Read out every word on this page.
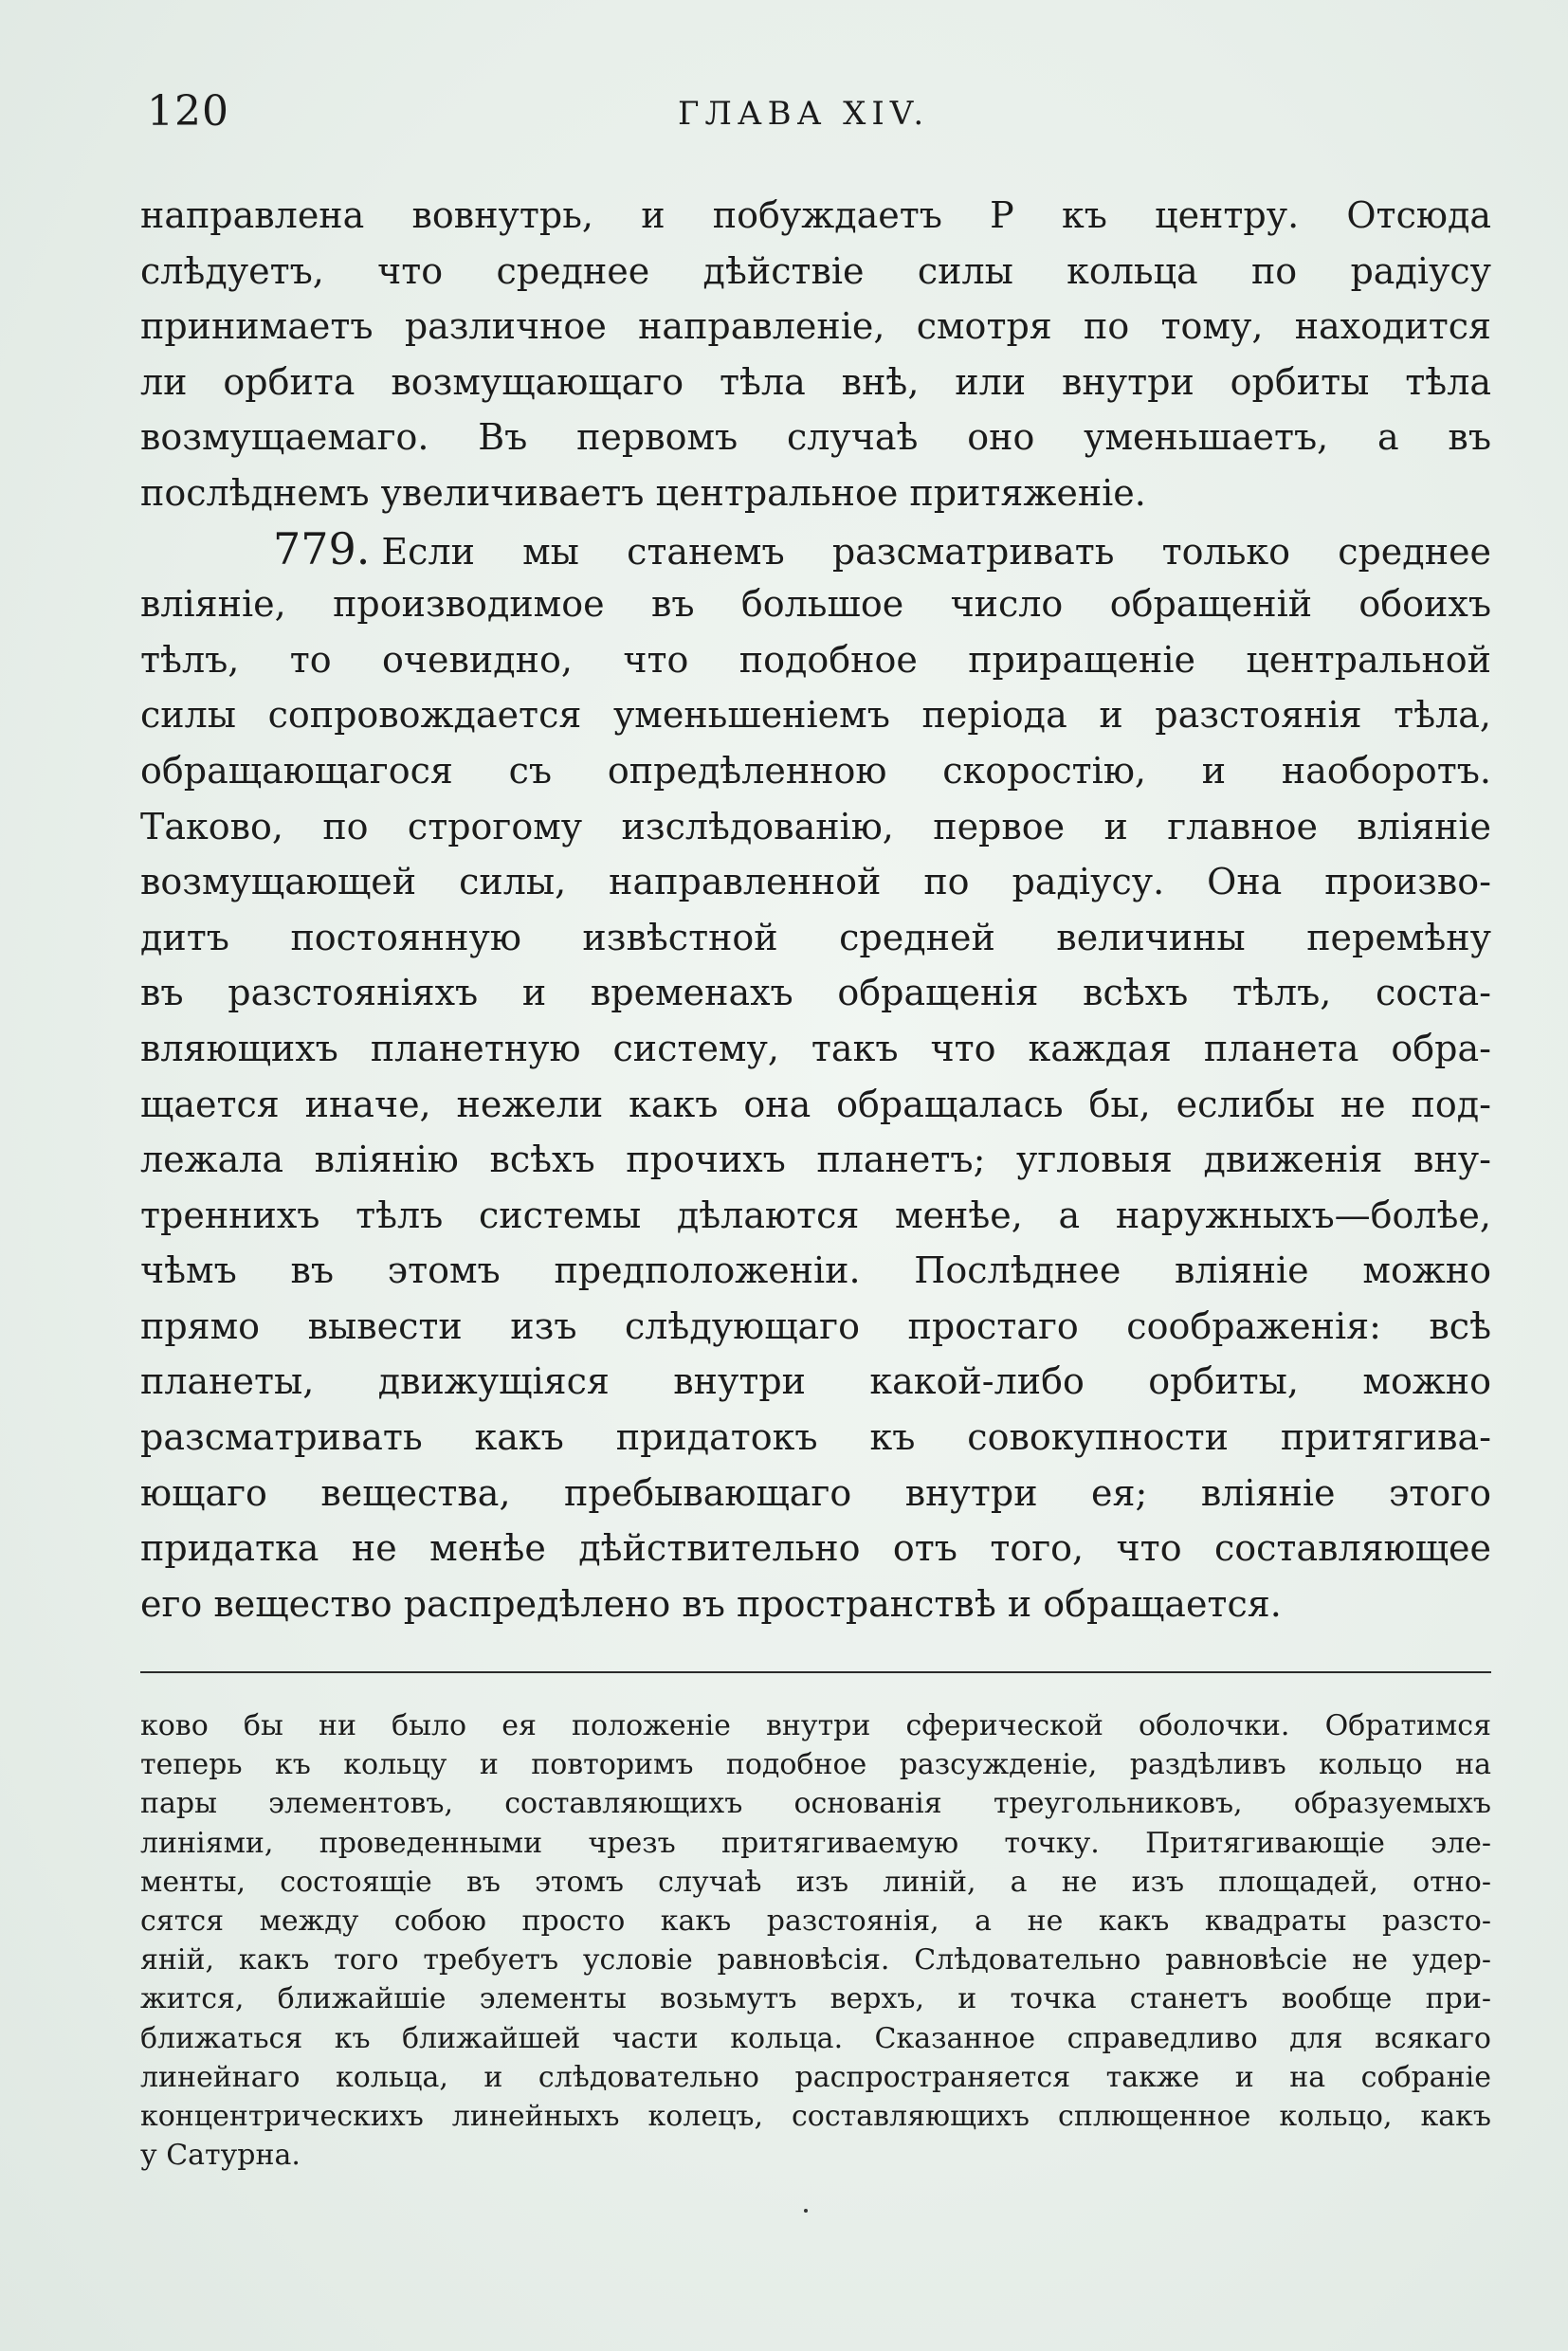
120	ГЛАВА XIV.
направлена вовнутрь, и побуждаетъ P къ центру. Отсюда
слѣдуетъ, что среднее дѣйствіе силы кольца по радіусу
принимаетъ различное направленіе, смотря по тому, находится
ли орбита возмущающаго тѣла внѣ, или внутри орбиты тѣла
возмущаемаго. Въ первомъ случаѣ оно уменьшаетъ, а въ
послѣднемъ увеличиваетъ центральное притяженіе.
779. Если мы станемъ разсматривать только среднее
вліяніе, производимое въ большое число обращеній обоихъ
тѣлъ, то очевидно, что подобное приращеніе центральной
силы сопровождается уменьшеніемъ періода и разстоянія тѣла,
обращающагося съ опредѣленною скоростію, и наоборотъ.
Таково, по строгому изслѣдованію, первое и главное вліяніе
возмущающей силы, направленной по радіусу. Она произво-
дитъ постоянную извѣстной средней величины перемѣну
въ разстояніяхъ и временахъ обращенія всѣхъ тѣлъ, соста-
вляющихъ планетную систему, такъ что каждая планета обра-
щается иначе, нежели какъ она обращалась бы, еслибы не под-
лежала вліянію всѣхъ прочихъ планетъ; угловыя движенія вну-
треннихъ тѣлъ системы дѣлаются менѣе, а наружныхъ—болѣе,
чѣмъ въ этомъ предположеніи. Послѣднее вліяніе можно
прямо вывести изъ слѣдующаго простаго соображенія: всѣ
планеты, движущіяся внутри какой-либо орбиты, можно
разсматривать какъ придатокъ къ совокупности притягива-
ющаго вещества, пребывающаго внутри ея; вліяніе этого
придатка не менѣе дѣйствительно отъ того, что составляющее
его вещество распредѣлено въ пространствѣ и обращается.
ково бы ни было ея положеніе внутри сферической оболочки. Обратимся
теперь къ кольцу и повторимъ подобное разсужденіе, раздѣливъ кольцо на
пары элементовъ, составляющихъ основанія треугольниковъ, образуемыхъ
линіями, проведенными чрезъ притягиваемую точку. Притягивающіе эле-
менты, состоящіе въ этомъ случаѣ изъ линій, а не изъ площадей, отно-
сятся между собою просто какъ разстоянія, а не какъ квадраты разсто-
яній, какъ того требуетъ условіе равновѣсія. Слѣдовательно равновѣсіе не удер-
жится, ближайшіе элементы возьмутъ верхъ, и точка станетъ вообще при-
ближаться къ ближайшей части кольца. Сказанное справедливо для всякаго
линейнаго кольца, и слѣдовательно распространяется также и на собраніе
концентрическихъ линейныхъ колецъ, составляющихъ сплющенное кольцо, какъ
у Сатурна.
